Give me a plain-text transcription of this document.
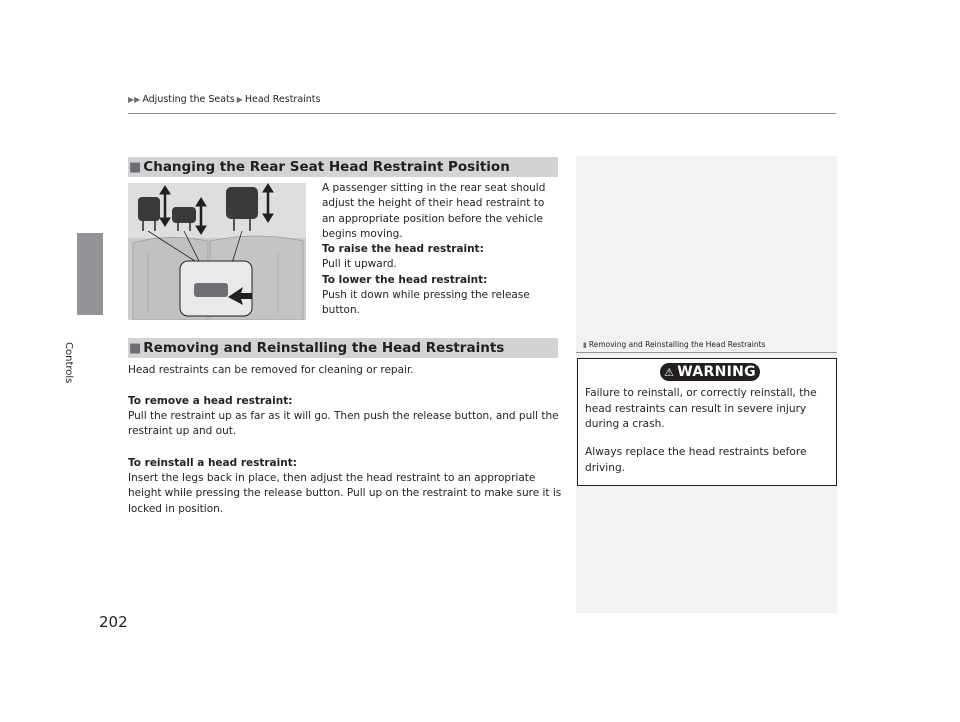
▶▶ Adjusting the Seats ▶ Head Restraints
Controls
202
■ Changing the Rear Seat Head Restraint Position

A passenger sitting in the rear seat should adjust the height of their head restraint to an appropriate position before the vehicle begins moving.

To raise the head restraint:

Pull it upward.

To lower the head restraint:

Push it down while pressing the release button.

■ Removing and Reinstalling the Head Restraints

Head restraints can be removed for cleaning or repair.

To remove a head restraint:

Pull the restraint up as far as it will go. Then push the release button, and pull the restraint up and out.

To reinstall a head restraint:

Insert the legs back in place, then adjust the head restraint to an appropriate height while pressing the release button. Pull up on the restraint to make sure it is locked in position.

▮ Removing and Reinstalling the Head Restraints
⚠ WARNING

Failure to reinstall, or correctly reinstall, the head restraints can result in severe injury during a crash.

Always replace the head restraints before driving.
